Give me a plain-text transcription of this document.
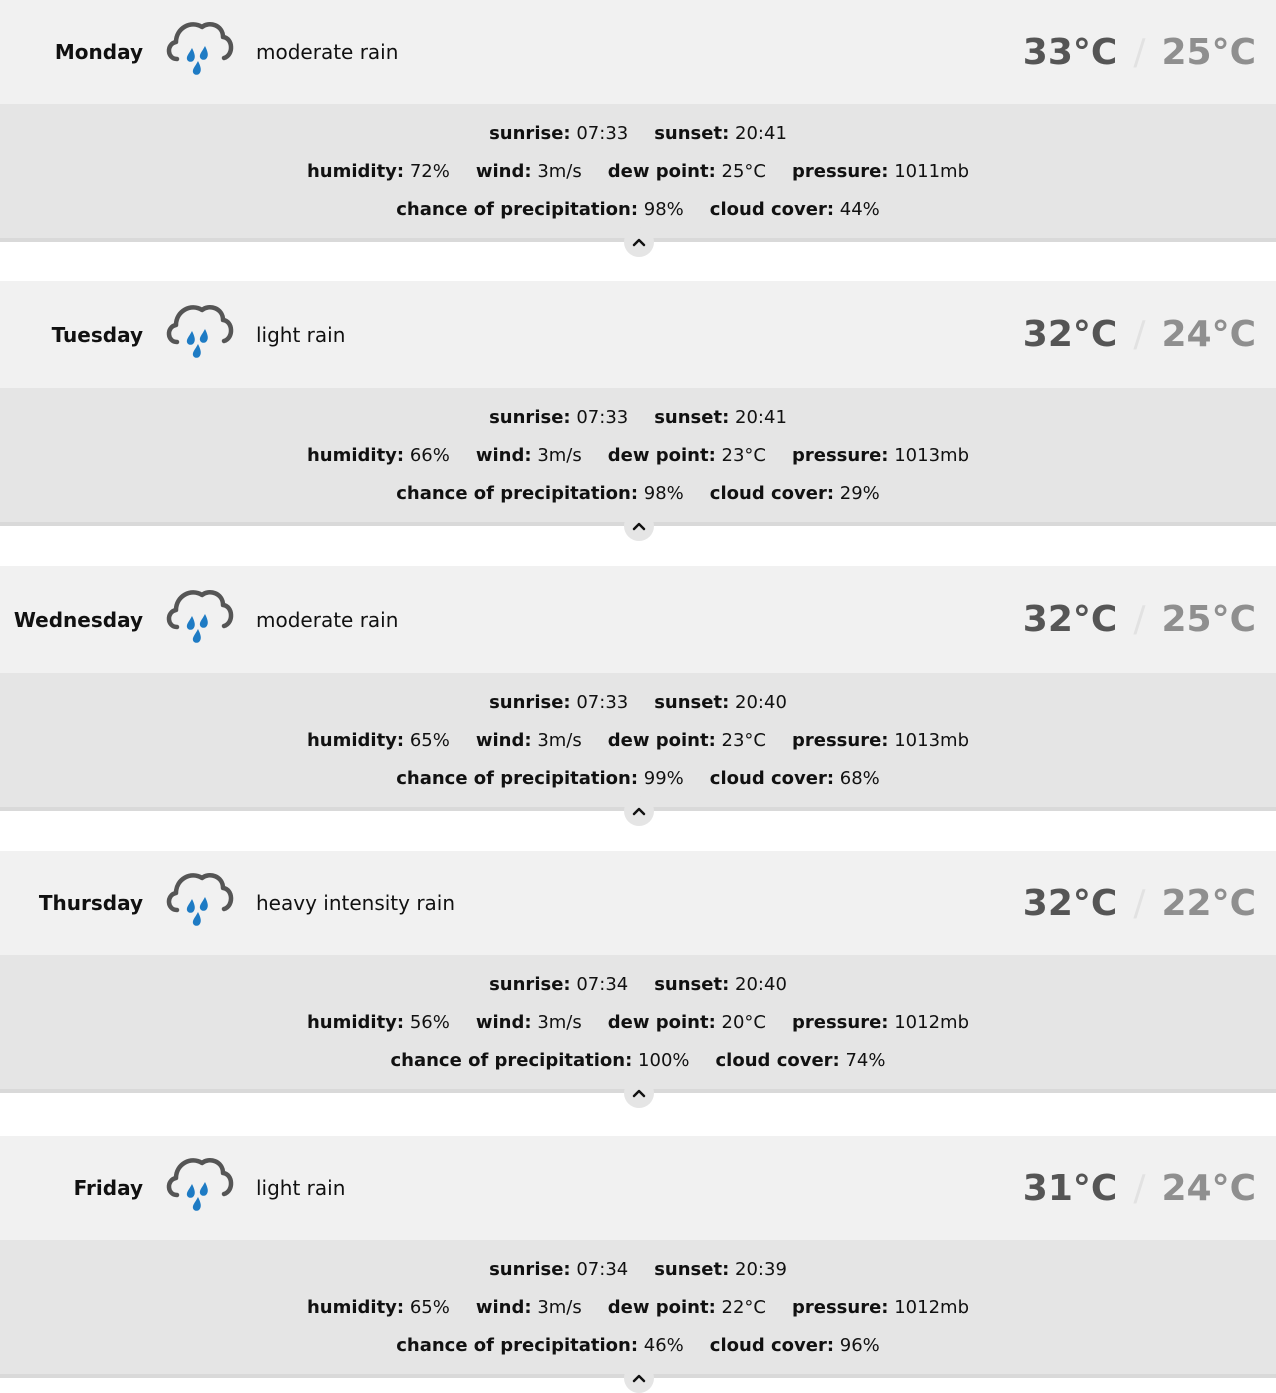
Monday	moderate rain	33°C / 25°C
sunrise: 07:33 sunset: 20:41
humidity: 72% wind: 3m/s dew point: 25°C pressure: 1011mb
chance of precipitation: 98% cloud cover: 44%
Tuesday	light rain	32°C / 24°C
sunrise: 07:33 sunset: 20:41
humidity: 66% wind: 3m/s dew point: 23°C pressure: 1013mb
chance of precipitation: 98% cloud cover: 29%
Wednesday	moderate rain	32°C / 25°C
sunrise: 07:33 sunset: 20:40
humidity: 65% wind: 3m/s dew point: 23°C pressure: 1013mb
chance of precipitation: 99% cloud cover: 68%
Thursday	heavy intensity rain	32°C / 22°C
sunrise: 07:34 sunset: 20:40
humidity: 56% wind: 3m/s dew point: 20°C pressure: 1012mb
chance of precipitation: 100% cloud cover: 74%
Friday	light rain	31°C / 24°C
sunrise: 07:34 sunset: 20:39
humidity: 65% wind: 3m/s dew point: 22°C pressure: 1012mb
chance of precipitation: 46% cloud cover: 96%
